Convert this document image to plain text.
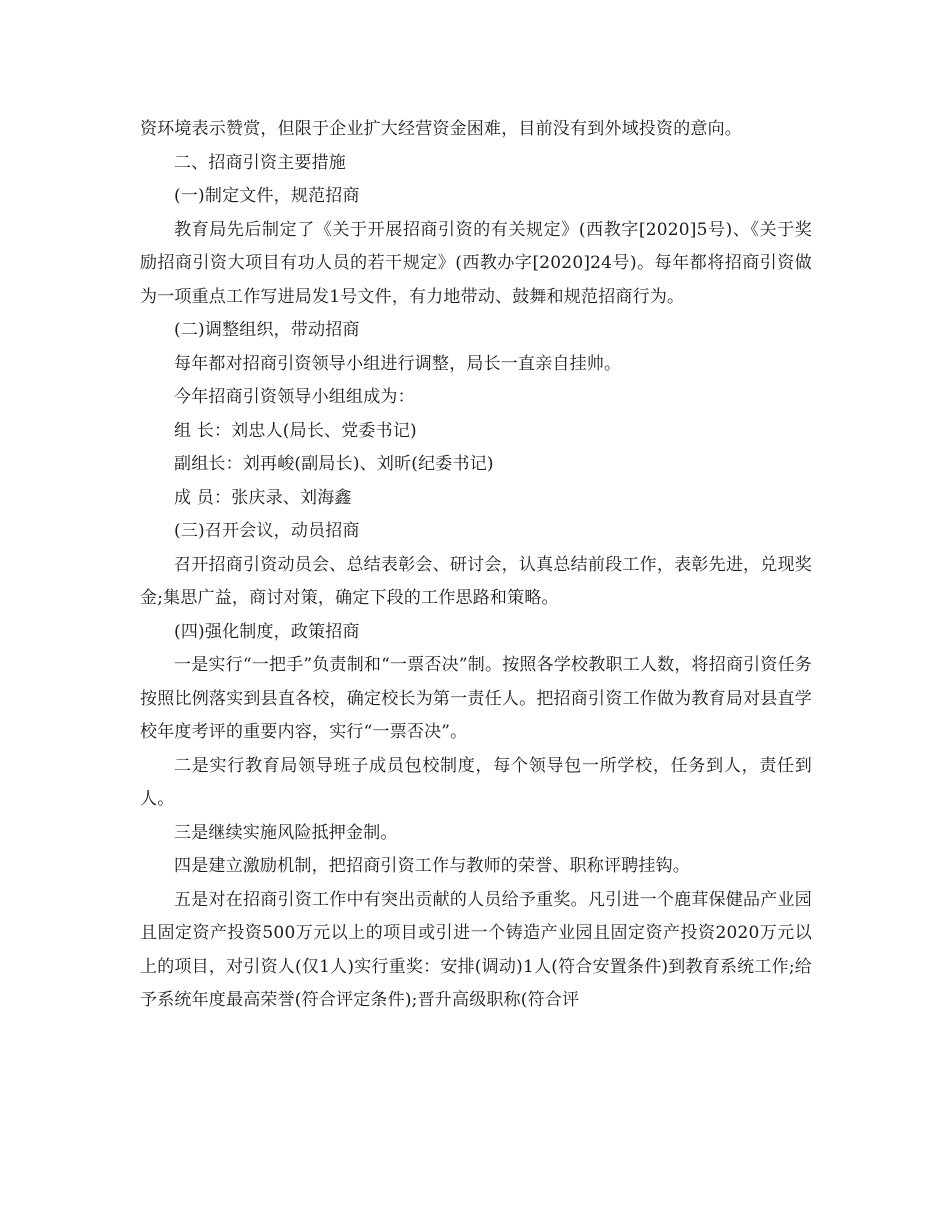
资环境表示赞赏，但限于企业扩大经营资金困难，目前没有到外域投资的意向。

二、招商引资主要措施

(一)制定文件，规范招商

教育局先后制定了《关于开展招商引资的有关规定》(西教字[2020]5号)、《关于奖励招商引资大项目有功人员的若干规定》(西教办字[2020]24号)。每年都将招商引资做为一项重点工作写进局发1号文件，有力地带动、鼓舞和规范招商行为。

(二)调整组织，带动招商

每年都对招商引资领导小组进行调整，局长一直亲自挂帅。

今年招商引资领导小组组成为：

组 长：刘忠人(局长、党委书记)

副组长：刘再峻(副局长)、刘昕(纪委书记)

成 员：张庆录、刘海鑫

(三)召开会议，动员招商

召开招商引资动员会、总结表彰会、研讨会，认真总结前段工作，表彰先进，兑现奖金;集思广益，商讨对策，确定下段的工作思路和策略。

(四)强化制度，政策招商

一是实行“一把手”负责制和“一票否决”制。按照各学校教职工人数，将招商引资任务按照比例落实到县直各校，确定校长为第一责任人。把招商引资工作做为教育局对县直学校年度考评的重要内容，实行“一票否决”。

二是实行教育局领导班子成员包校制度，每个领导包一所学校，任务到人，责任到人。

三是继续实施风险抵押金制。

四是建立激励机制，把招商引资工作与教师的荣誉、职称评聘挂钩。

五是对在招商引资工作中有突出贡献的人员给予重奖。凡引进一个鹿茸保健品产业园且固定资产投资500万元以上的项目或引进一个铸造产业园且固定资产投资2020万元以上的项目，对引资人(仅1人)实行重奖：安排(调动)1人(符合安置条件)到教育系统工作;给予系统年度最高荣誉(符合评定条件);晋升高级职称(符合评
